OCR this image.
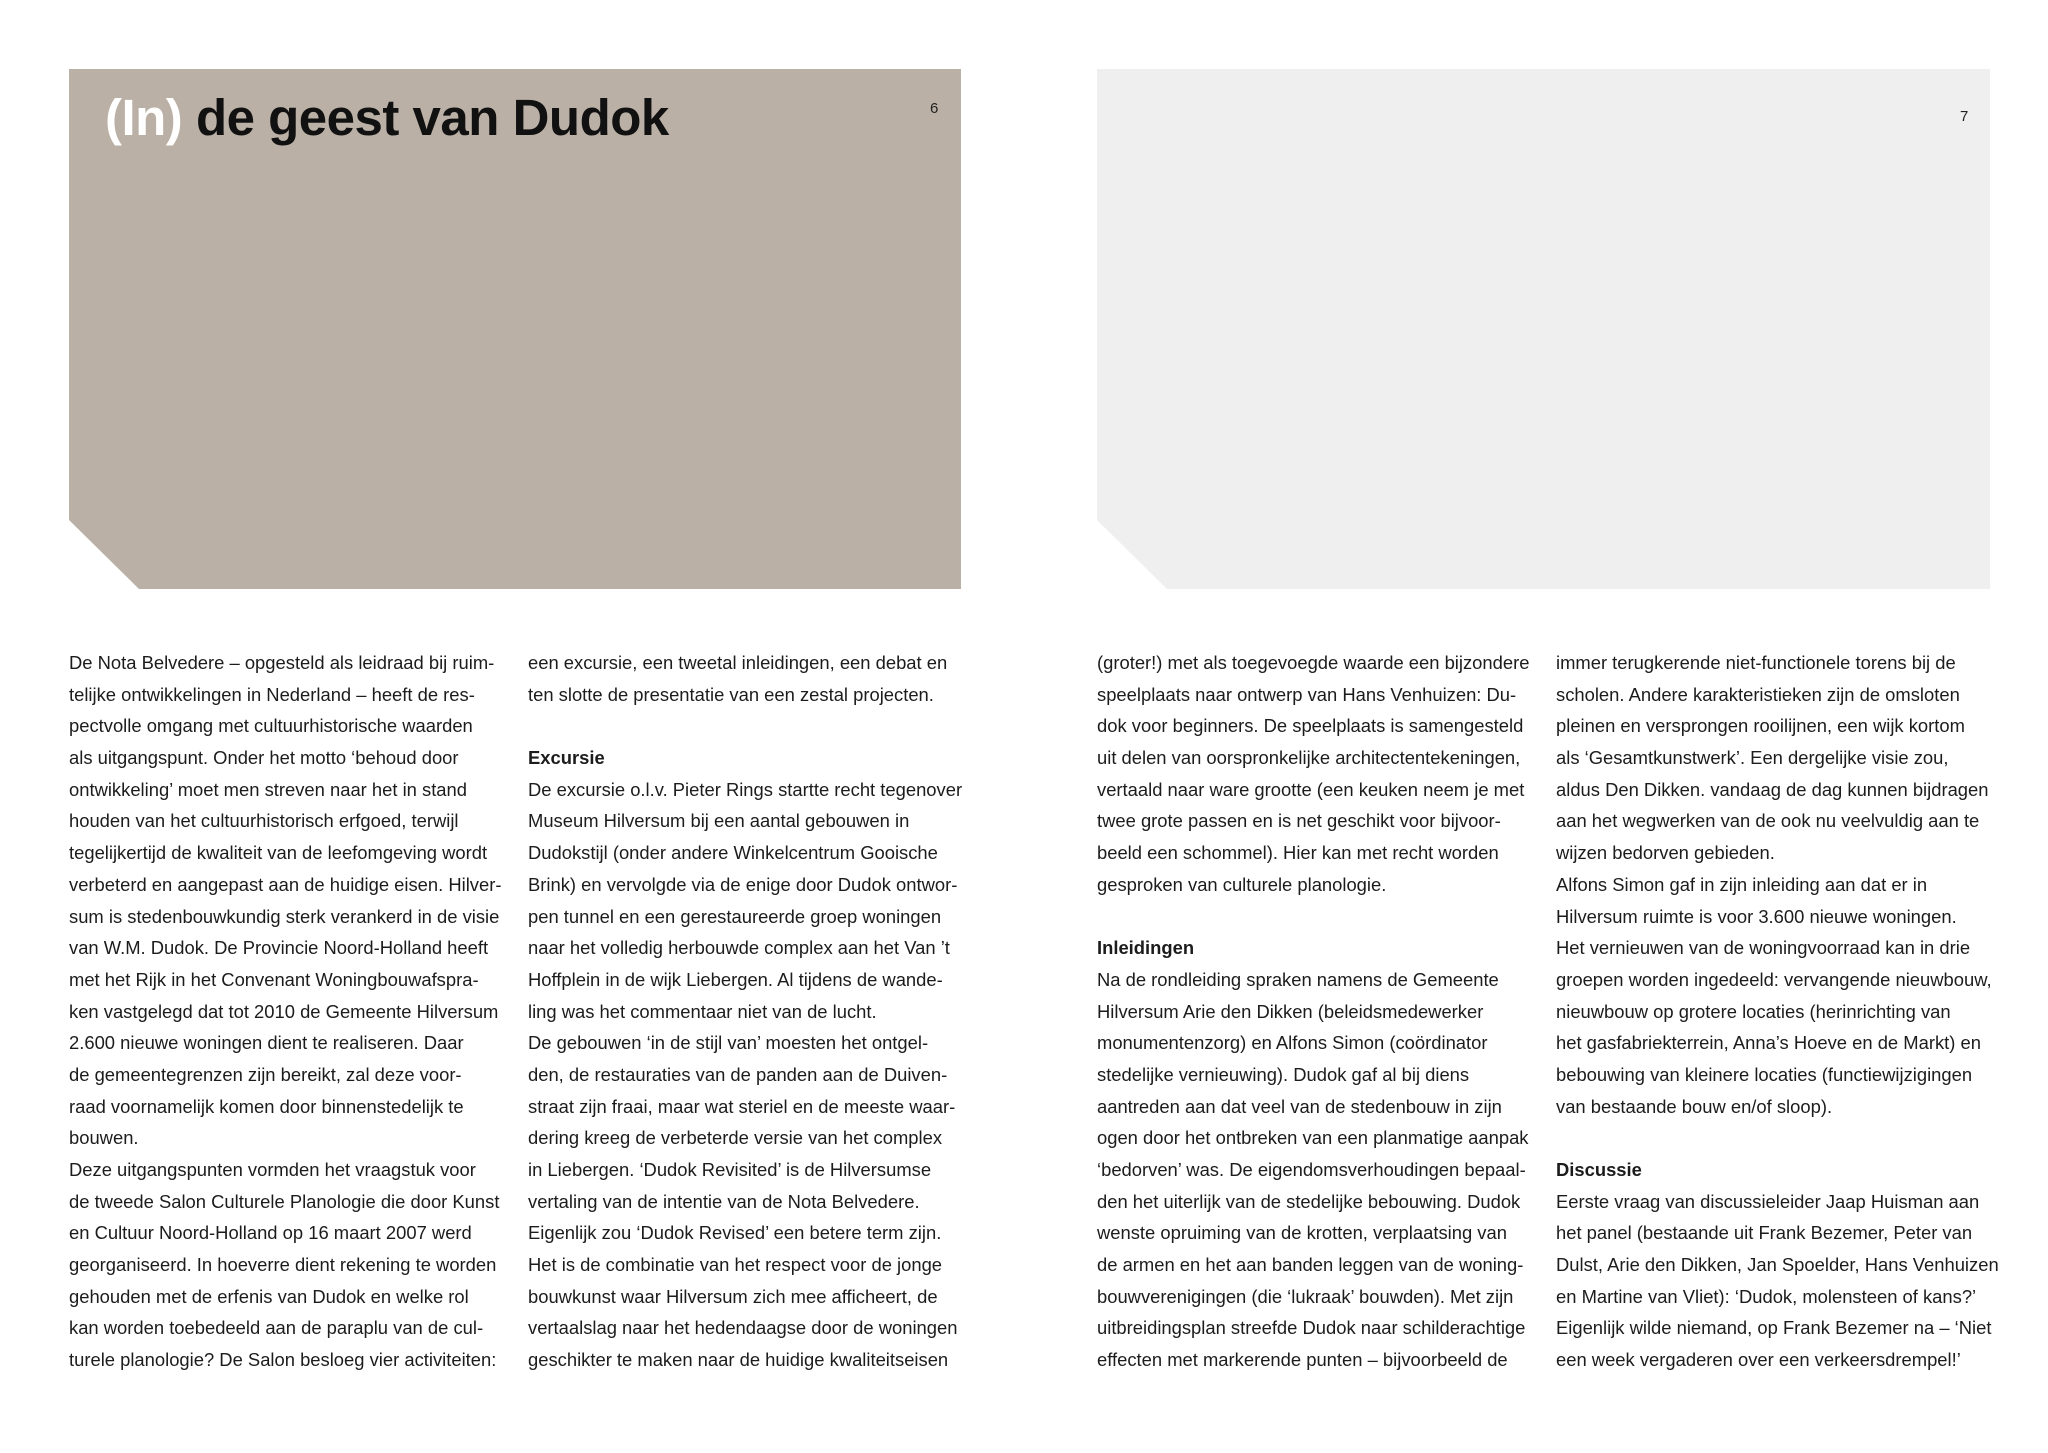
(In) de geest van Dudok	6	7
De Nota Belvedere – opgesteld als leidraad bij ruim-
telijke ontwikkelingen in Nederland – heeft de res-
pectvolle omgang met cultuurhistorische waarden
als uitgangspunt. Onder het motto ‘behoud door
ontwikkeling’ moet men streven naar het in stand
houden van het cultuurhistorisch erfgoed, terwijl
tegelijkertijd de kwaliteit van de leefomgeving wordt
verbeterd en aangepast aan de huidige eisen. Hilver-
sum is stedenbouwkundig sterk verankerd in de visie
van W.M. Dudok. De Provincie Noord-Holland heeft
met het Rijk in het Convenant Woningbouwafspra-
ken vastgelegd dat tot 2010 de Gemeente Hilversum
2.600 nieuwe woningen dient te realiseren. Daar
de gemeentegrenzen zijn bereikt, zal deze voor-
raad voornamelijk komen door binnenstedelijk te
bouwen.
Deze uitgangspunten vormden het vraagstuk voor
de tweede Salon Culturele Planologie die door Kunst
en Cultuur Noord-Holland op 16 maart 2007 werd
georganiseerd. In hoeverre dient rekening te worden
gehouden met de erfenis van Dudok en welke rol
kan worden toebedeeld aan de paraplu van de cul-
turele planologie? De Salon besloeg vier activiteiten:
een excursie, een tweetal inleidingen, een debat en
ten slotte de presentatie van een zestal projecten.
Excursie
De excursie o.l.v. Pieter Rings startte recht tegenover
Museum Hilversum bij een aantal gebouwen in
Dudokstijl (onder andere Winkelcentrum Gooische
Brink) en vervolgde via de enige door Dudok ontwor-
pen tunnel en een gerestaureerde groep woningen
naar het volledig herbouwde complex aan het Van ’t
Hoffplein in de wijk Liebergen. Al tijdens de wande-
ling was het commentaar niet van de lucht.
De gebouwen ‘in de stijl van’ moesten het ontgel-
den, de restauraties van de panden aan de Duiven-
straat zijn fraai, maar wat steriel en de meeste waar-
dering kreeg de verbeterde versie van het complex
in Liebergen. ‘Dudok Revisited’ is de Hilversumse
vertaling van de intentie van de Nota Belvedere.
Eigenlijk zou ‘Dudok Revised’ een betere term zijn.
Het is de combinatie van het respect voor de jonge
bouwkunst waar Hilversum zich mee afficheert, de
vertaalslag naar het hedendaagse door de woningen
geschikter te maken naar de huidige kwaliteitseisen
(groter!) met als toegevoegde waarde een bijzondere
speelplaats naar ontwerp van Hans Venhuizen: Du-
dok voor beginners. De speelplaats is samengesteld
uit delen van oorspronkelijke architectentekeningen,
vertaald naar ware grootte (een keuken neem je met
twee grote passen en is net geschikt voor bijvoor-
beeld een schommel). Hier kan met recht worden
gesproken van culturele planologie.
Inleidingen
Na de rondleiding spraken namens de Gemeente
Hilversum Arie den Dikken (beleidsmedewerker
monumentenzorg) en Alfons Simon (coördinator
stedelijke vernieuwing). Dudok gaf al bij diens
aantreden aan dat veel van de stedenbouw in zijn
ogen door het ontbreken van een planmatige aanpak
‘bedorven’ was. De eigendomsverhoudingen bepaal-
den het uiterlijk van de stedelijke bebouwing. Dudok
wenste opruiming van de krotten, verplaatsing van
de armen en het aan banden leggen van de woning-
bouwverenigingen (die ‘lukraak’ bouwden). Met zijn
uitbreidingsplan streefde Dudok naar schilderachtige
effecten met markerende punten – bijvoorbeeld de
immer terugkerende niet-functionele torens bij de
scholen. Andere karakteristieken zijn de omsloten
pleinen en versprongen rooilijnen, een wijk kortom
als ‘Gesamtkunstwerk’. Een dergelijke visie zou,
aldus Den Dikken. vandaag de dag kunnen bijdragen
aan het wegwerken van de ook nu veelvuldig aan te
wijzen bedorven gebieden.
Alfons Simon gaf in zijn inleiding aan dat er in
Hilversum ruimte is voor 3.600 nieuwe woningen.
Het vernieuwen van de woningvoorraad kan in drie
groepen worden ingedeeld: vervangende nieuwbouw,
nieuwbouw op grotere locaties (herinrichting van
het gasfabriekterrein, Anna’s Hoeve en de Markt) en
bebouwing van kleinere locaties (functiewijzigingen
van bestaande bouw en/of sloop).
Discussie
Eerste vraag van discussieleider Jaap Huisman aan
het panel (bestaande uit Frank Bezemer, Peter van
Dulst, Arie den Dikken, Jan Spoelder, Hans Venhuizen
en Martine van Vliet): ‘Dudok, molensteen of kans?’
Eigenlijk wilde niemand, op Frank Bezemer na – ‘Niet
een week vergaderen over een verkeersdrempel!’
